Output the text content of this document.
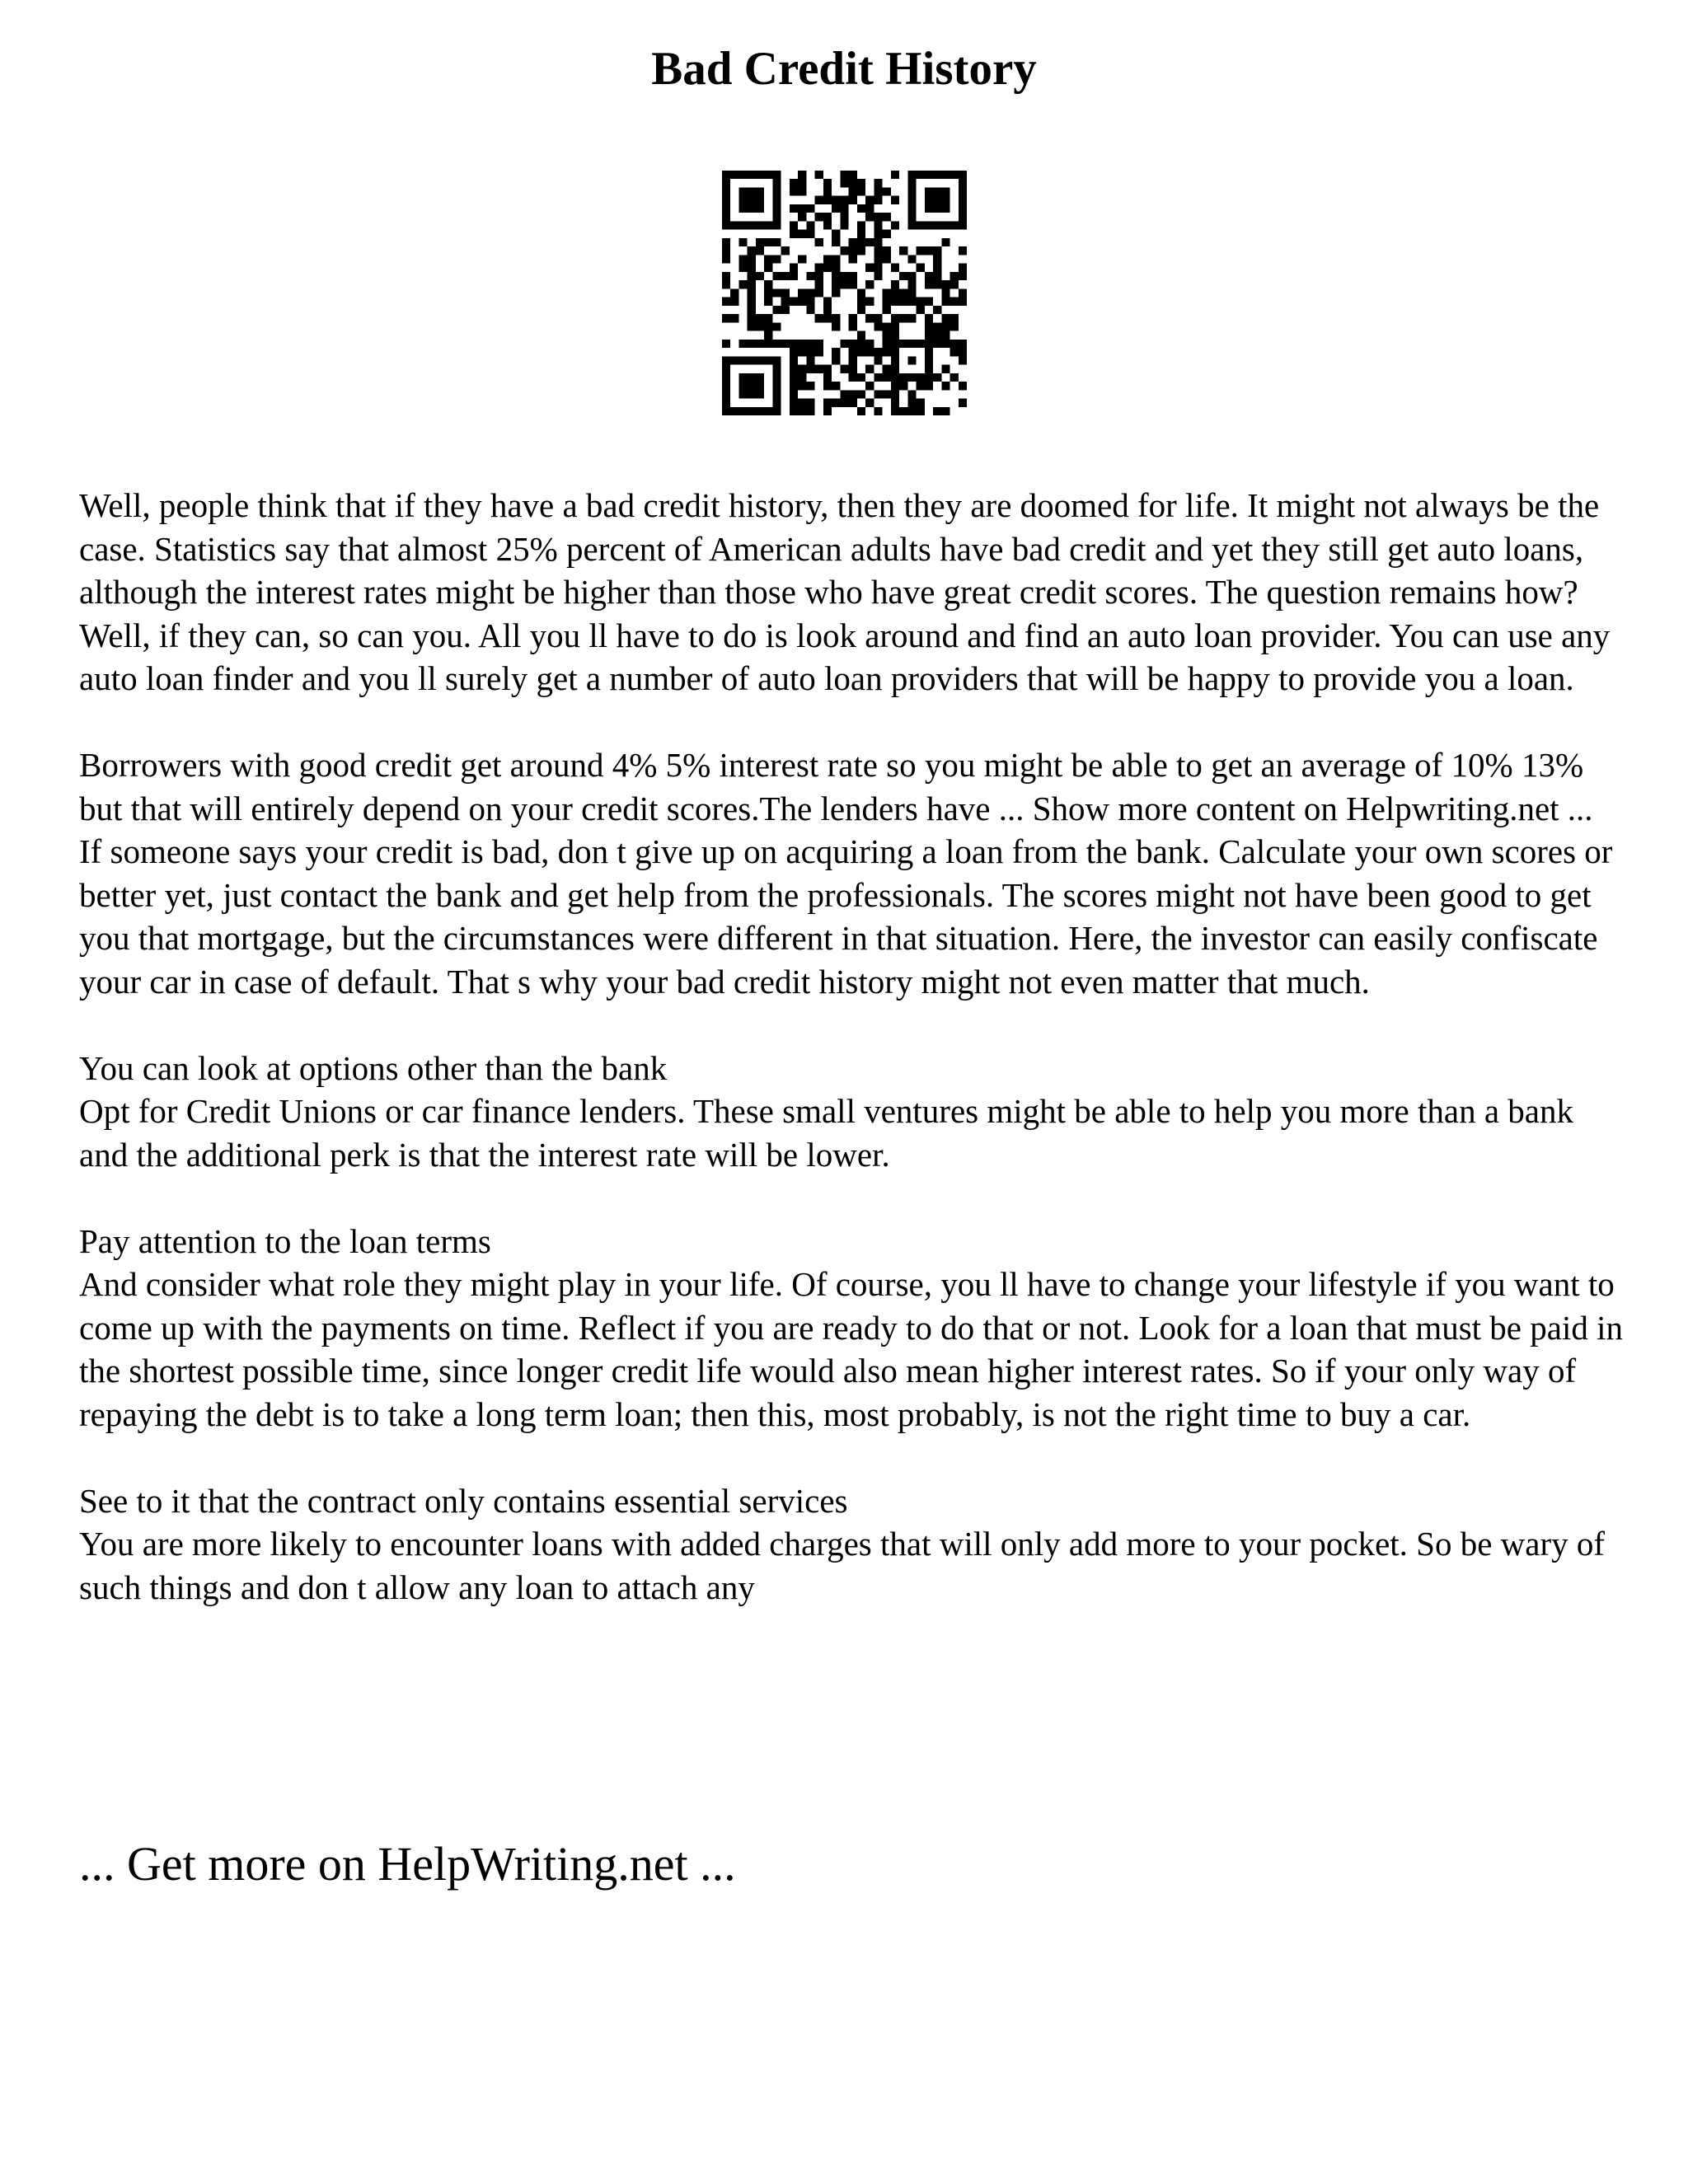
Bad Credit History

Well, people think that if they have a bad credit history, then they are doomed for life. It might not always be the case. Statistics say that almost 25% percent of American adults have bad credit and yet they still get auto loans, although the interest rates might be higher than those who have great credit scores. The question remains how? Well, if they can, so can you. All you ll have to do is look around and find an auto loan provider. You can use any auto loan finder and you ll surely get a number of auto loan providers that will be happy to provide you a loan.

Borrowers with good credit get around 4% 5% interest rate so you might be able to get an average of 10% 13% but that will entirely depend on your credit scores.The lenders have ... Show more content on Helpwriting.net ...

If someone says your credit is bad, don t give up on acquiring a loan from the bank. Calculate your own scores or better yet, just contact the bank and get help from the professionals. The scores might not have been good to get you that mortgage, but the circumstances were different in that situation. Here, the investor can easily confiscate your car in case of default. That s why your bad credit history might not even matter that much.

You can look at options other than the bank

Opt for Credit Unions or car finance lenders. These small ventures might be able to help you more than a bank and the additional perk is that the interest rate will be lower.

Pay attention to the loan terms

And consider what role they might play in your life. Of course, you ll have to change your lifestyle if you want to come up with the payments on time. Reflect if you are ready to do that or not. Look for a loan that must be paid in the shortest possible time, since longer credit life would also mean higher interest rates. So if your only way of repaying the debt is to take a long term loan; then this, most probably, is not the right time to buy a car.

See to it that the contract only contains essential services

You are more likely to encounter loans with added charges that will only add more to your pocket. So be wary of such things and don t allow any loan to attach any

... Get more on HelpWriting.net ...
